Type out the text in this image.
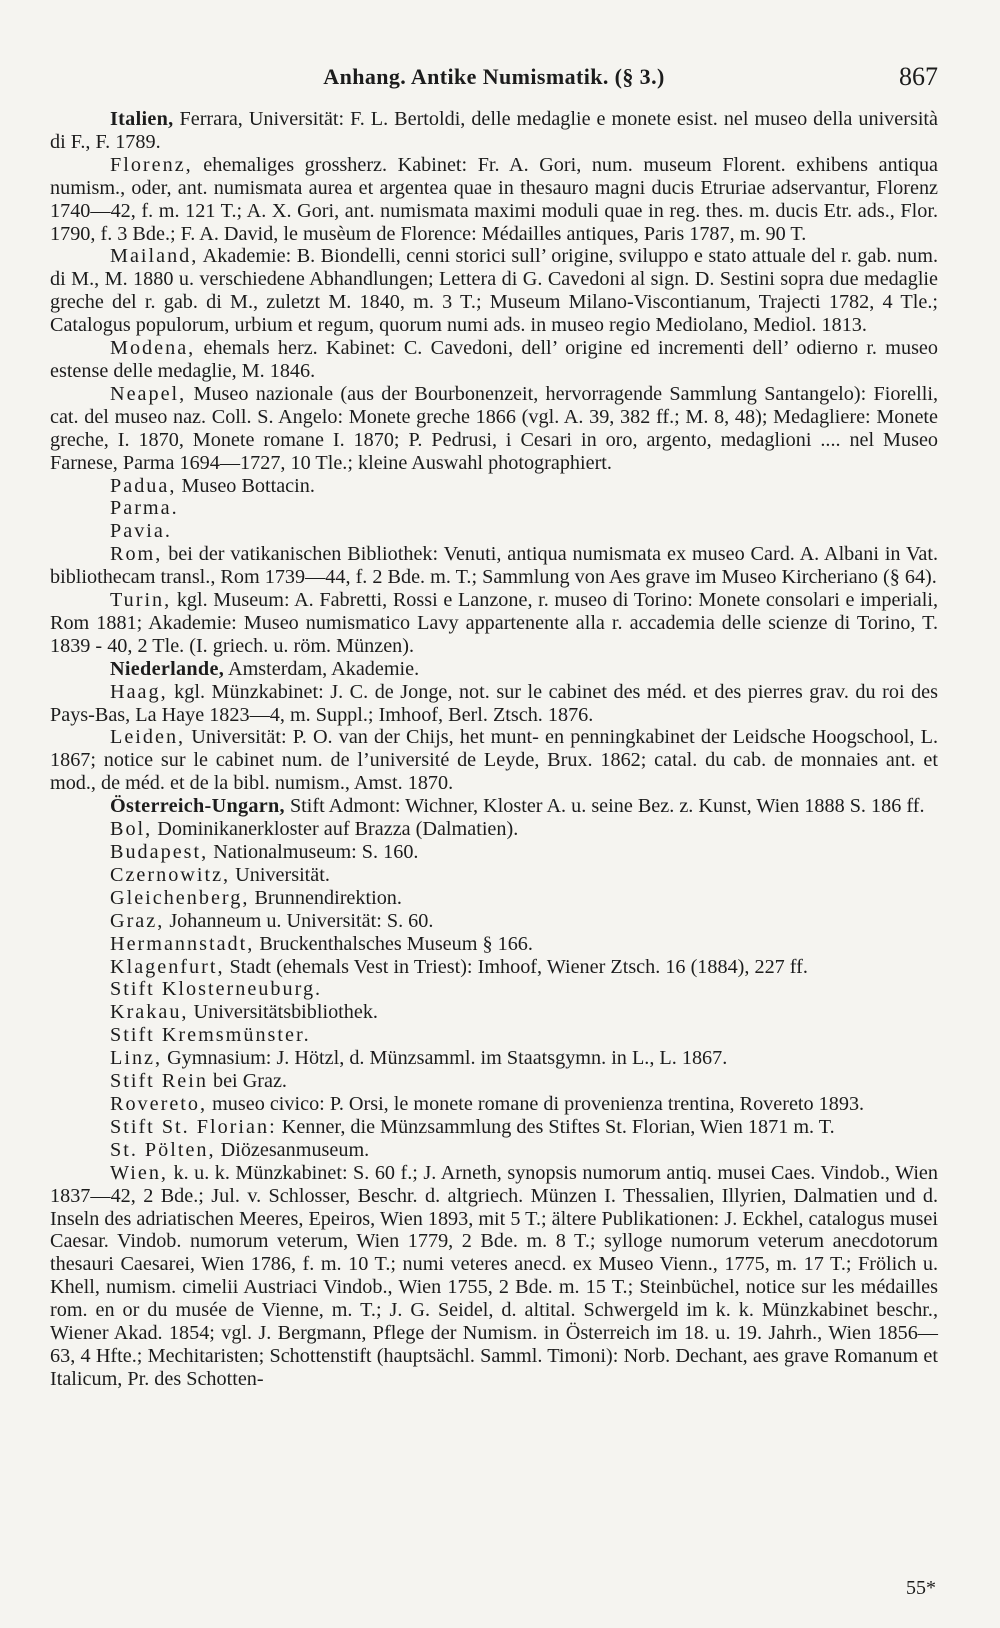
Anhang. Antike Numismatik. (§ 3.)	867

Italien, Ferrara, Universität: F. L. Bertoldi, delle medaglie e monete esist. nel museo della università di F., F. 1789.

Florenz, ehemaliges grossherz. Kabinet: Fr. A. Gori, num. museum Florent. exhibens antiqua numism., oder, ant. numismata aurea et argentea quae in thesauro magni ducis Etruriae adservantur, Florenz 1740—42, f. m. 121 T.; A. X. Gori, ant. numismata maximi moduli quae in reg. thes. m. ducis Etr. ads., Flor. 1790, f. 3 Bde.; F. A. David, le musèum de Florence: Médailles antiques, Paris 1787, m. 90 T.

Mailand, Akademie: B. Biondelli, cenni storici sull’ origine, sviluppo e stato attuale del r. gab. num. di M., M. 1880 u. verschiedene Abhandlungen; Lettera di G. Cavedoni al sign. D. Sestini sopra due medaglie greche del r. gab. di M., zuletzt M. 1840, m. 3 T.; Museum Milano-Viscontianum, Trajecti 1782, 4 Tle.; Catalogus populorum, urbium et regum, quorum numi ads. in museo regio Mediolano, Mediol. 1813.

Modena, ehemals herz. Kabinet: C. Cavedoni, dell’ origine ed incrementi dell’ odierno r. museo estense delle medaglie, M. 1846.

Neapel, Museo nazionale (aus der Bourbonenzeit, hervorragende Sammlung Santangelo): Fiorelli, cat. del museo naz. Coll. S. Angelo: Monete greche 1866 (vgl. A. 39, 382 ff.; M. 8, 48); Medagliere: Monete greche, I. 1870, Monete romane I. 1870; P. Pedrusi, i Cesari in oro, argento, medaglioni .... nel Museo Farnese, Parma 1694—1727, 10 Tle.; kleine Auswahl photographiert.

Padua, Museo Bottacin.

Parma.

Pavia.

Rom, bei der vatikanischen Bibliothek: Venuti, antiqua numismata ex museo Card. A. Albani in Vat. bibliothecam transl., Rom 1739—44, f. 2 Bde. m. T.; Sammlung von Aes grave im Museo Kircheriano (§ 64).

Turin, kgl. Museum: A. Fabretti, Rossi e Lanzone, r. museo di Torino: Monete consolari e imperiali, Rom 1881; Akademie: Museo numismatico Lavy appartenente alla r. accademia delle scienze di Torino, T. 1839 - 40, 2 Tle. (I. griech. u. röm. Münzen).

Niederlande, Amsterdam, Akademie.

Haag, kgl. Münzkabinet: J. C. de Jonge, not. sur le cabinet des méd. et des pierres grav. du roi des Pays-Bas, La Haye 1823—4, m. Suppl.; Imhoof, Berl. Ztsch. 1876.

Leiden, Universität: P. O. van der Chijs, het munt- en penningkabinet der Leidsche Hoogschool, L. 1867; notice sur le cabinet num. de l’université de Leyde, Brux. 1862; catal. du cab. de monnaies ant. et mod., de méd. et de la bibl. numism., Amst. 1870.

Österreich-Ungarn, Stift Admont: Wichner, Kloster A. u. seine Bez. z. Kunst, Wien 1888 S. 186 ff.

Bol, Dominikanerkloster auf Brazza (Dalmatien).

Budapest, Nationalmuseum: S. 160.

Czernowitz, Universität.

Gleichenberg, Brunnendirektion.

Graz, Johanneum u. Universität: S. 60.

Hermannstadt, Bruckenthalsches Museum § 166.

Klagenfurt, Stadt (ehemals Vest in Triest): Imhoof, Wiener Ztsch. 16 (1884), 227 ff.

Stift Klosterneuburg.

Krakau, Universitätsbibliothek.

Stift Kremsmünster.

Linz, Gymnasium: J. Hötzl, d. Münzsamml. im Staatsgymn. in L., L. 1867.

Stift Rein bei Graz.

Rovereto, museo civico: P. Orsi, le monete romane di provenienza trentina, Rovereto 1893.

Stift St. Florian: Kenner, die Münzsammlung des Stiftes St. Florian, Wien 1871 m. T.

St. Pölten, Diözesanmuseum.

Wien, k. u. k. Münzkabinet: S. 60 f.; J. Arneth, synopsis numorum antiq. musei Caes. Vindob., Wien 1837—42, 2 Bde.; Jul. v. Schlosser, Beschr. d. altgriech. Münzen I. Thessalien, Illyrien, Dalmatien und d. Inseln des adriatischen Meeres, Epeiros, Wien 1893, mit 5 T.; ältere Publikationen: J. Eckhel, catalogus musei Caesar. Vindob. numorum veterum, Wien 1779, 2 Bde. m. 8 T.; sylloge numorum veterum anecdotorum thesauri Caesarei, Wien 1786, f. m. 10 T.; numi veteres anecd. ex Museo Vienn., 1775, m. 17 T.; Frölich u. Khell, numism. cimelii Austriaci Vindob., Wien 1755, 2 Bde. m. 15 T.; Steinbüchel, notice sur les médailles rom. en or du musée de Vienne, m. T.; J. G. Seidel, d. altital. Schwergeld im k. k. Münzkabinet beschr., Wiener Akad. 1854; vgl. J. Bergmann, Pflege der Numism. in Österreich im 18. u. 19. Jahrh., Wien 1856—63, 4 Hfte.; Mechitaristen; Schottenstift (hauptsächl. Samml. Timoni): Norb. Dechant, aes grave Romanum et Italicum, Pr. des Schotten-

55*
